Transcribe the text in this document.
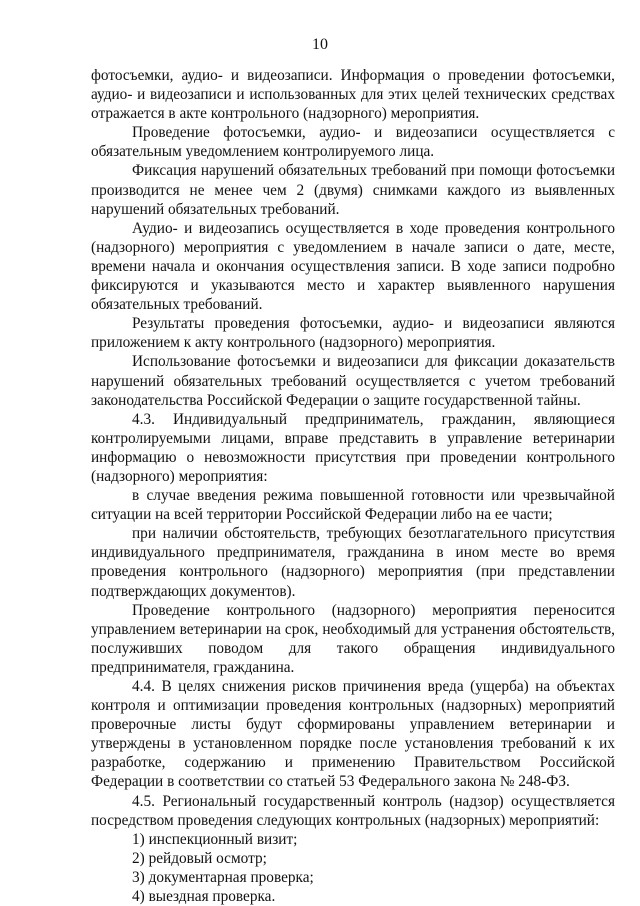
10

фотосъемки, аудио- и видеозаписи. Информация о проведении фотосъемки, аудио- и видеозаписи и использованных для этих целей технических средствах отражается в акте контрольного (надзорного) мероприятия.

Проведение фотосъемки, аудио- и видеозаписи осуществляется с обязательным уведомлением контролируемого лица.

Фиксация нарушений обязательных требований при помощи фотосъемки производится не менее чем 2 (двумя) снимками каждого из выявленных нарушений обязательных требований.

Аудио- и видеозапись осуществляется в ходе проведения контрольного (надзорного) мероприятия с уведомлением в начале записи о дате, месте, времени начала и окончания осуществления записи. В ходе записи подробно фиксируются и указываются место и характер выявленного нарушения обязательных требований.

Результаты проведения фотосъемки, аудио- и видеозаписи являются приложением к акту контрольного (надзорного) мероприятия.

Использование фотосъемки и видеозаписи для фиксации доказательств нарушений обязательных требований осуществляется с учетом требований законодательства Российской Федерации о защите государственной тайны.

4.3. Индивидуальный предприниматель, гражданин, являющиеся контролируемыми лицами, вправе представить в управление ветеринарии информацию о невозможности присутствия при проведении контрольного (надзорного) мероприятия:

в случае введения режима повышенной готовности или чрезвычайной ситуации на всей территории Российской Федерации либо на ее части;

при наличии обстоятельств, требующих безотлагательного присутствия индивидуального предпринимателя, гражданина в ином месте во время проведения контрольного (надзорного) мероприятия (при представлении подтверждающих документов).

Проведение контрольного (надзорного) мероприятия переносится управлением ветеринарии на срок, необходимый для устранения обстоятельств, послуживших поводом для такого обращения индивидуального предпринимателя, гражданина.

4.4. В целях снижения рисков причинения вреда (ущерба) на объектах контроля и оптимизации проведения контрольных (надзорных) мероприятий проверочные листы будут сформированы управлением ветеринарии и утверждены в установленном порядке после установления требований к их разработке, содержанию и применению Правительством Российской Федерации в соответствии со статьей 53 Федерального закона № 248-ФЗ.

4.5. Региональный государственный контроль (надзор) осуществляется посредством проведения следующих контрольных (надзорных) мероприятий:

1) инспекционный визит;

2) рейдовый осмотр;

3) документарная проверка;

4) выездная проверка.
